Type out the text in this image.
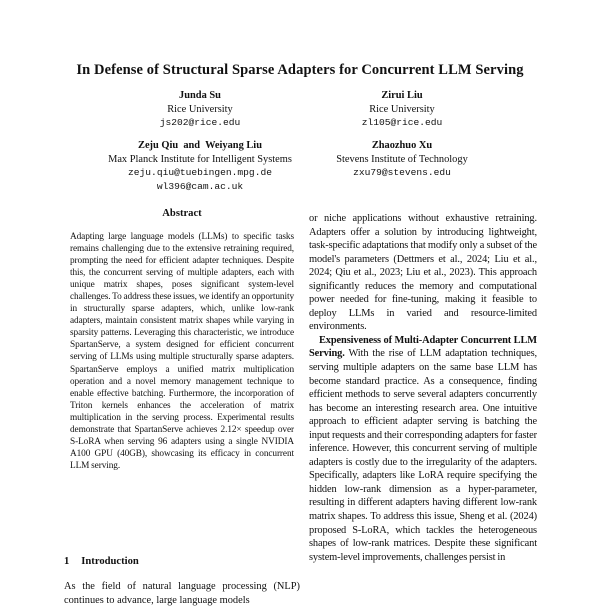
In Defense of Structural Sparse Adapters for Concurrent LLM Serving
Junda Su
Rice University
js202@rice.edu
Zirui Liu
Rice University
zl105@rice.edu
Zeju Qiu  and  Weiyang Liu
Max Planck Institute for Intelligent Systems
zeju.qiu@tuebingen.mpg.de
wl396@cam.ac.uk
Zhaozhuo Xu
Stevens Institute of Technology
zxu79@stevens.edu
Abstract
Adapting large language models (LLMs) to specific tasks remains challenging due to the extensive retraining required, prompting the need for efficient adapter techniques. Despite this, the concurrent serving of multiple adapters, each with unique matrix shapes, poses significant system-level challenges. To address these issues, we identify an opportunity in structurally sparse adapters, which, unlike low-rank adapters, maintain consistent matrix shapes while varying in sparsity patterns. Leveraging this characteristic, we introduce SpartanServe, a system designed for efficient concurrent serving of LLMs using multiple structurally sparse adapters. SpartanServe employs a unified matrix multiplication operation and a novel memory management technique to enable effective batching. Furthermore, the incorporation of Triton kernels enhances the acceleration of matrix multiplication in the serving process. Experimental results demonstrate that SpartanServe achieves 2.12× speedup over S-LoRA when serving 96 adapters using a single NVIDIA A100 GPU (40GB), showcasing its efficacy in concurrent LLM serving.
1 Introduction
As the field of natural language processing (NLP) continues to advance, large language models

or niche applications without exhaustive retraining. Adapters offer a solution by introducing lightweight, task-specific adaptations that modify only a subset of the model's parameters (Dettmers et al., 2024; Liu et al., 2024; Qiu et al., 2023; Liu et al., 2023). This approach significantly reduces the memory and computational power needed for fine-tuning, making it feasible to deploy LLMs in varied and resource-limited environments.

Expensiveness of Multi-Adapter Concurrent LLM Serving. With the rise of LLM adaptation techniques, serving multiple adapters on the same base LLM has become standard practice. As a consequence, finding efficient methods to serve several adapters concurrently has become an interesting research area. One intuitive approach to efficient adapter serving is batching the input requests and their corresponding adapters for faster inference. However, this concurrent serving of multiple adapters is costly due to the irregularity of the adapters. Specifically, adapters like LoRA require specifying the hidden low-rank dimension as a hyper-parameter, resulting in different adapters having different low-rank matrix shapes. To address this issue, Sheng et al. (2024) proposed S-LoRA, which tackles the heterogeneous shapes of low-rank matrices. Despite these significant system-level improvements, challenges persist in
